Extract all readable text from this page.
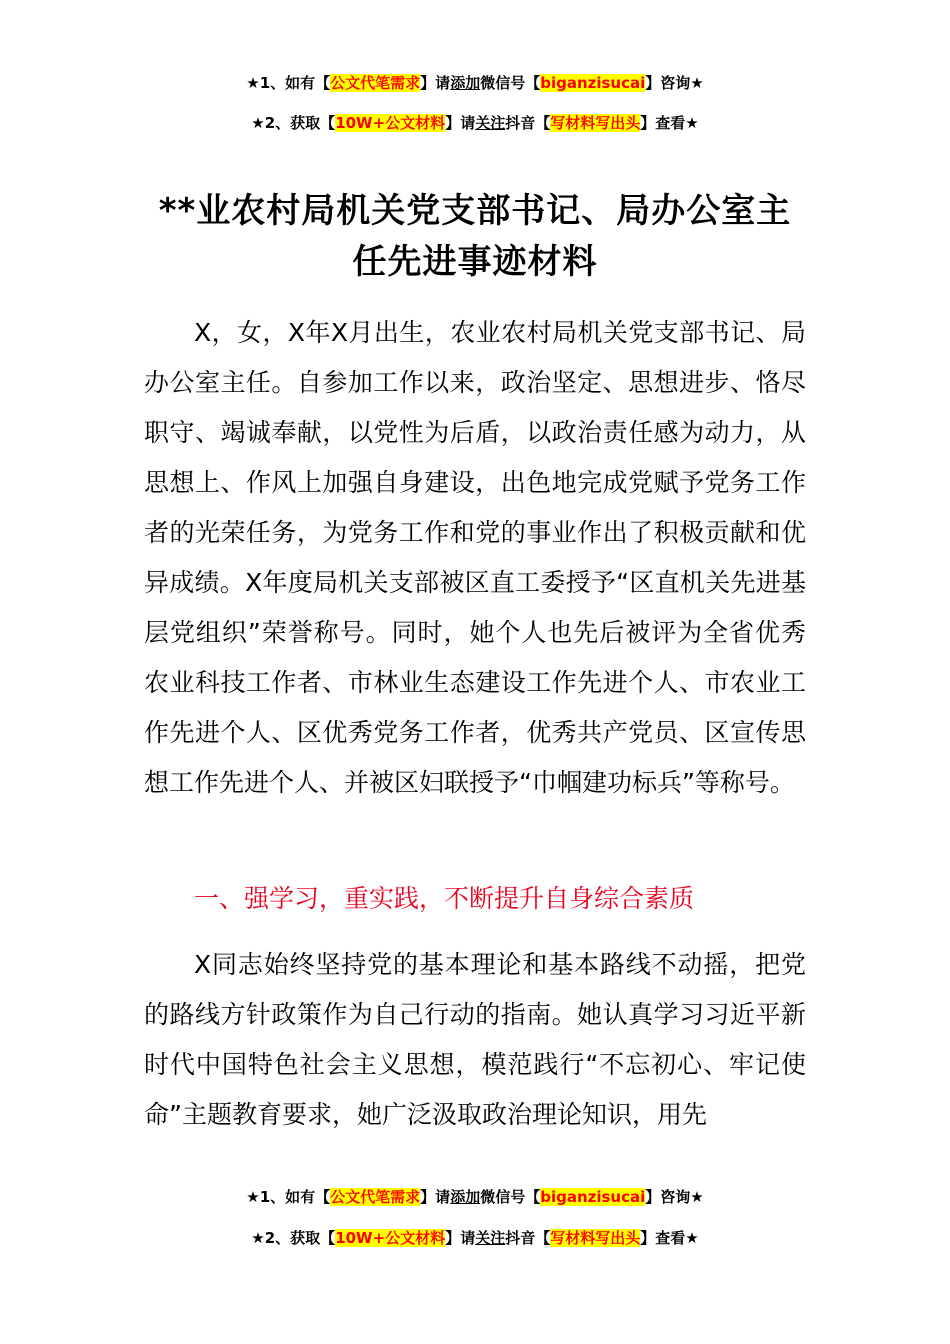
★1、如有【公文代笔需求】请添加微信号【biganzisucai】咨询★
★2、获取【10W+公文材料】请关注抖音【写材料写出头】查看★
**业农村局机关党支部书记、局办公室主
任先进事迹材料

X，女，X年X月出生，农业农村局机关党支部书记、局办公室主任。自参加工作以来，政治坚定、思想进步、恪尽职守、竭诚奉献，以党性为后盾，以政治责任感为动力，从思想上、作风上加强自身建设，出色地完成党赋予党务工作者的光荣任务，为党务工作和党的事业作出了积极贡献和优异成绩。X年度局机关支部被区直工委授予“区直机关先进基层党组织”荣誉称号。同时，她个人也先后被评为全省优秀农业科技工作者、市林业生态建设工作先进个人、市农业工作先进个人、区优秀党务工作者，优秀共产党员、区宣传思想工作先进个人、并被区妇联授予“巾帼建功标兵”等称号。

一、强学习，重实践，不断提升自身综合素质

X同志始终坚持党的基本理论和基本路线不动摇，把党的路线方针政策作为自己行动的指南。她认真学习习近平新时代中国特色社会主义思想，模范践行“不忘初心、牢记使命”主题教育要求，她广泛汲取政治理论知识，用先

★1、如有【公文代笔需求】请添加微信号【biganzisucai】咨询★
★2、获取【10W+公文材料】请关注抖音【写材料写出头】查看★
